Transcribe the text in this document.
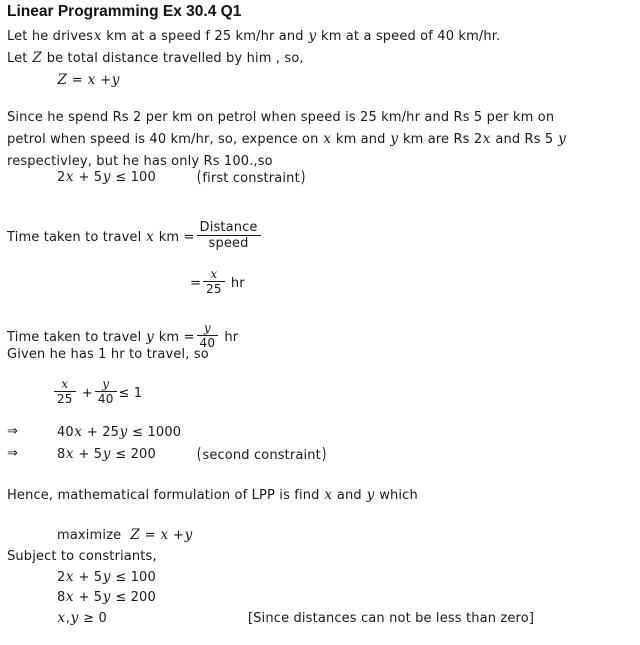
Linear Programming Ex 30.4 Q1
Let he drivesx km at a speed f 25 km/hr and y km at a speed of 40 km/hr.
Let Z be total distance travelled by him , so,
Z = x +y
Since he spend Rs 2 per km on petrol when speed is 25 km/hr and Rs 5 per km on
petrol when speed is 40 km/hr, so, expence on x km and y km are Rs 2x and Rs 5 y
respectivley, but he has only Rs 100.,so
2x + 5y ≤ 100	(first constraint)
Time taken to travel x km = $\frac{\text{Distance}}{\text{speed}}$
= $\frac{x}{25}$ hr
Time taken to travel y km = $\frac{y}{40}$ hr
Given he has 1 hr to travel, so
$\frac{x}{25} + \frac{y}{40} \le 1$
⇒	40x + 25y ≤ 1000
⇒	8x + 5y ≤ 200	(second constraint)
Hence, mathematical formulation of LPP is find x and y which
maximize Z = x +y
Subject to constriants,
2x + 5y ≤ 100
8x + 5y ≤ 200
x,y ≥ 0	[Since distances can not be less than zero]
